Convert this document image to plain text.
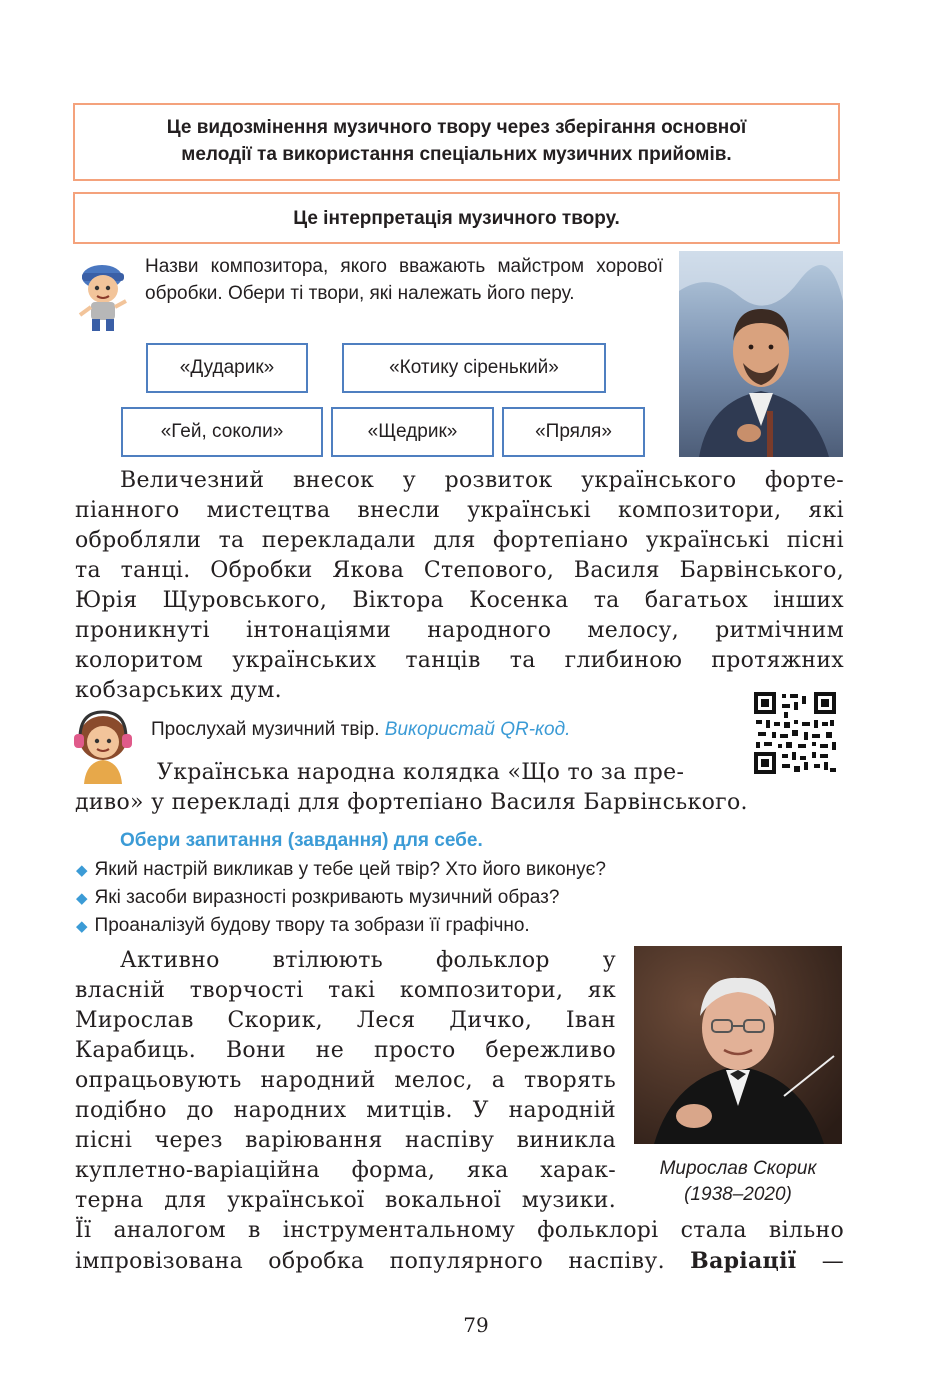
Це видозмінення музичного твору через зберігання основної
мелодії та використання спеціальних музичних прийомів.
Це інтерпретація музичного твору.
Назви композитора, якого вважають майстром хорової обробки. Обери ті твори, які належать його перу.
«Дударик»	«Котику сіренький»
«Гей, соколи»	«Щедрик»	«Пряля»
Величезний внесок у розвиток українського форте-
піанного мистецтва внесли українські композитори, які
обробляли та перекладали для фортепіано українські пісні
та танці. Обробки Якова Степового, Василя Барвінського,
Юрія Щуровського, Віктора Косенка та багатьох інших
проникнуті інтонаціями народного мелосу, ритмічним
колоритом українських танців та глибиною протяжних
кобзарських дум.
Прослухай музичний твір. Використай QR-код.
Українська народна колядка «Що то за пре-
диво» у перекладі для фортепіано Василя Барвінського.
Обери запитання (завдання) для себе.
◆ Який настрій викликав у тебе цей твір? Хто його виконує?
◆ Які засоби виразності розкривають музичний образ?
◆ Проаналізуй будову твору та зобрази її графічно.
Активно втілюють фольклор у
власній творчості такі композитори, як
Мирослав Скорик, Леся Дичко, Іван
Карабиць. Вони не просто бережливо
опрацьовують народний мелос, а творять
подібно до народних митців. У народній
пісні через варіювання наспіву виникла
куплетно-варіаційна форма, яка харак-
терна для української вокальної музики.
Її аналогом в інструментальному фольклорі стала вільно
імпровізована обробка популярного наспіву. Варіації —
Мирослав Скорик
(1938–2020)
79
